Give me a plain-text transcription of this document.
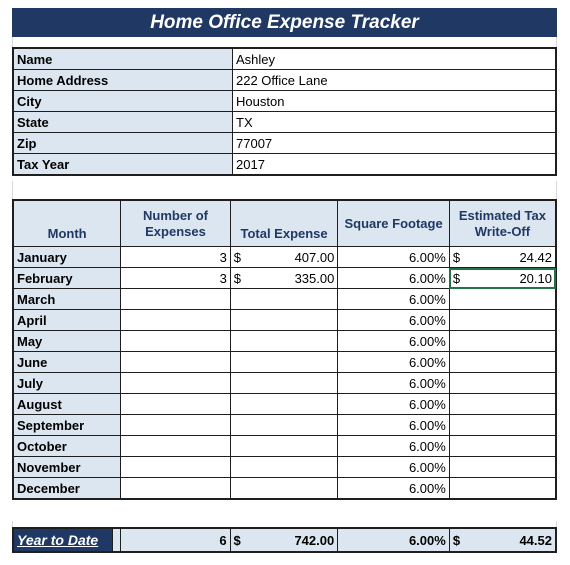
Home Office Expense Tracker
Name	Ashley
Home Address	222 Office Lane
City	Houston
State	TX
Zip	77007
Tax Year	2017
Month	Number of Expenses	Total Expense	Square Footage	Estimated Tax Write-Off
January	3	$ 407.00	6.00%	$ 24.42

February	3	$ 335.00	6.00%	$ 20.10

March			6.00%	
April			6.00%	
May			6.00%	
June			6.00%	
July			6.00%	
August			6.00%	
September			6.00%	
October			6.00%	
November			6.00%	
December			6.00%	
Year to Date		6	$	742.00	6.00%	$	44.52
